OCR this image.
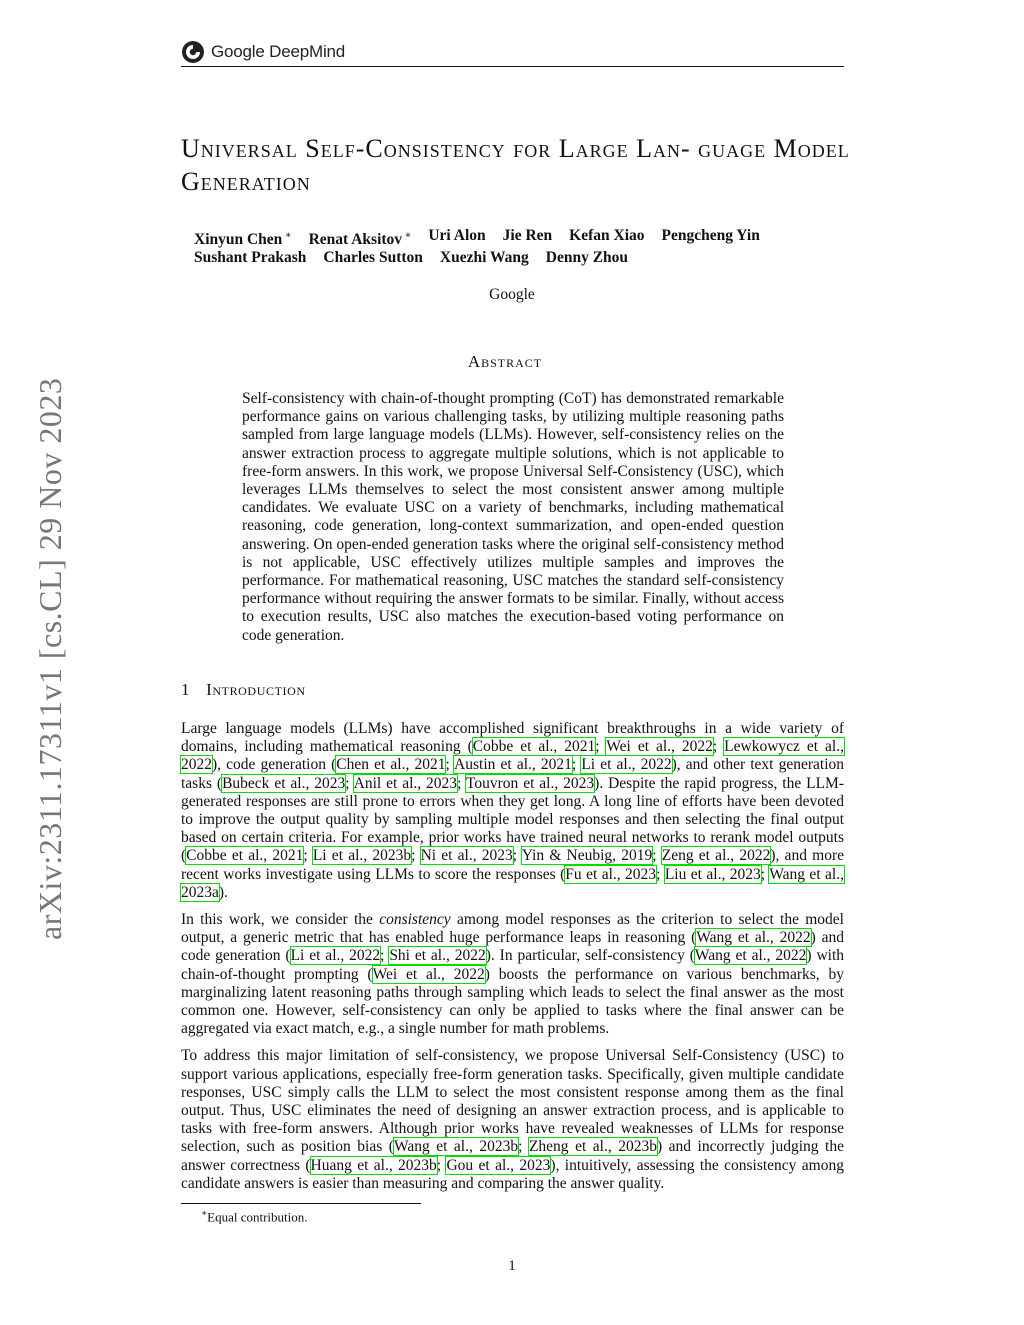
Google DeepMind
arXiv:2311.17311v1 [cs.CL] 29 Nov 2023
Universal Self-Consistency for Large Lan- guage Model Generation
Xinyun Chen ∗ Renat Aksitov ∗ Uri Alon Jie Ren Kefan Xiao Pengcheng Yin
Sushant Prakash Charles Sutton Xuezhi Wang Denny Zhou
Google
Abstract

Self-consistency with chain-of-thought prompting (CoT) has demonstrated remarkable performance gains on various challenging tasks, by utilizing multiple reasoning paths sampled from large language models (LLMs). However, self-consistency relies on the answer extraction process to aggregate multiple solutions, which is not applicable to free-form answers. In this work, we propose Universal Self-Consistency (USC), which leverages LLMs themselves to select the most consistent answer among multiple candidates. We evaluate USC on a variety of benchmarks, including mathematical reasoning, code generation, long-context summarization, and open-ended question answering. On open-ended generation tasks where the original self-consistency method is not applicable, USC effectively utilizes multiple samples and improves the performance. For mathematical reasoning, USC matches the standard self-consistency performance without requiring the answer formats to be similar. Finally, without access to execution results, USC also matches the execution-based voting performance on code generation.

1 Introduction

Large language models (LLMs) have accomplished significant breakthroughs in a wide variety of domains, including mathematical reasoning (Cobbe et al., 2021; Wei et al., 2022; Lewkowycz et al., 2022), code generation (Chen et al., 2021; Austin et al., 2021; Li et al., 2022), and other text generation tasks (Bubeck et al., 2023; Anil et al., 2023; Touvron et al., 2023). Despite the rapid progress, the LLM-generated responses are still prone to errors when they get long. A long line of efforts have been devoted to improve the output quality by sampling multiple model responses and then selecting the final output based on certain criteria. For example, prior works have trained neural networks to rerank model outputs (Cobbe et al., 2021; Li et al., 2023b; Ni et al., 2023; Yin & Neubig, 2019; Zeng et al., 2022), and more recent works investigate using LLMs to score the responses (Fu et al., 2023; Liu et al., 2023; Wang et al., 2023a).

In this work, we consider the consistency among model responses as the criterion to select the model output, a generic metric that has enabled huge performance leaps in reasoning (Wang et al., 2022) and code generation (Li et al., 2022; Shi et al., 2022). In particular, self-consistency (Wang et al., 2022) with chain-of-thought prompting (Wei et al., 2022) boosts the performance on various benchmarks, by marginalizing latent reasoning paths through sampling which leads to select the final answer as the most common one. However, self-consistency can only be applied to tasks where the final answer can be aggregated via exact match, e.g., a single number for math problems.

To address this major limitation of self-consistency, we propose Universal Self-Consistency (USC) to support various applications, especially free-form generation tasks. Specifically, given multiple candidate responses, USC simply calls the LLM to select the most consistent response among them as the final output. Thus, USC eliminates the need of designing an answer extraction process, and is applicable to tasks with free-form answers. Although prior works have revealed weaknesses of LLMs for response selection, such as position bias (Wang et al., 2023b; Zheng et al., 2023b) and incorrectly judging the answer correctness (Huang et al., 2023b; Gou et al., 2023), intuitively, assessing the consistency among candidate answers is easier than measuring and comparing the answer quality.

∗Equal contribution.
1
